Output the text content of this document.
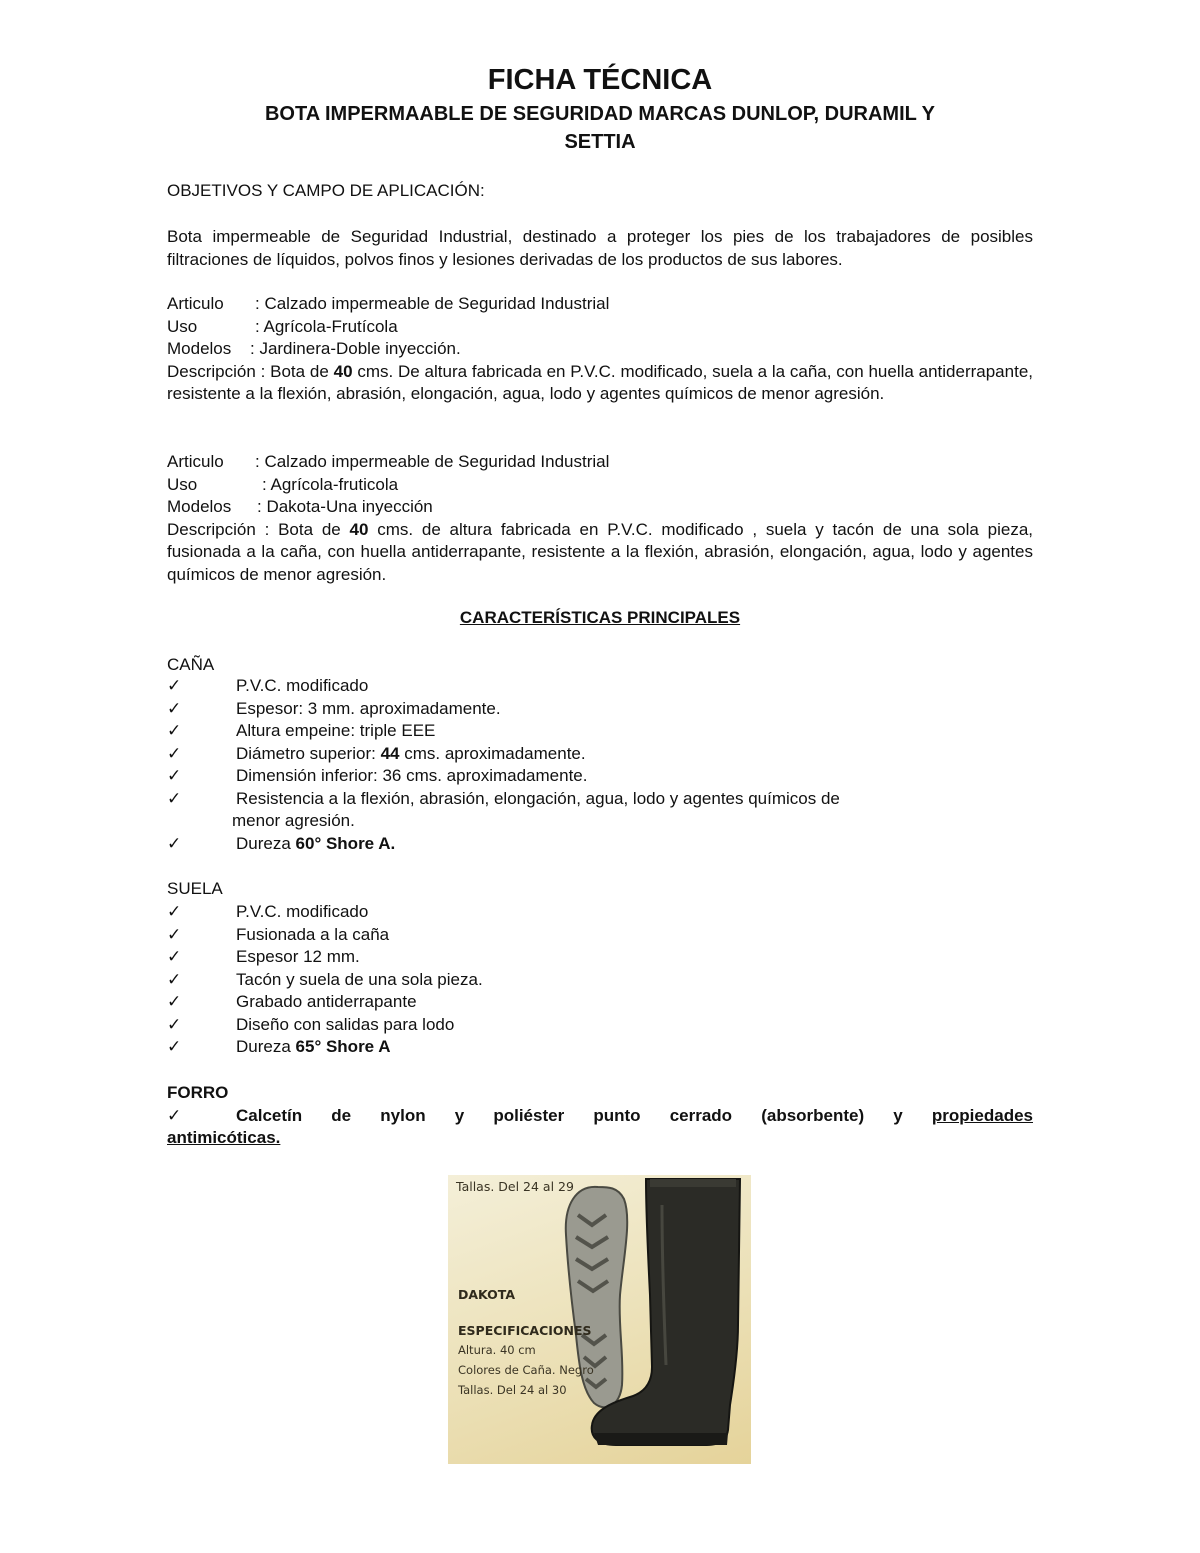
FICHA TÉCNICA
BOTA IMPERMAABLE DE SEGURIDAD MARCAS DUNLOP, DURAMIL Y
SETTIA
OBJETIVOS Y CAMPO DE APLICACIÓN:
Bota impermeable de Seguridad Industrial, destinado a proteger los pies de los trabajadores de posibles filtraciones de líquidos, polvos finos y lesiones derivadas de los productos de sus labores.
Articulo : Calzado impermeable de Seguridad Industrial
Uso	: Agrícola-Frutícola
Modelos : Jardinera-Doble inyección.
Descripción : Bota de 40 cms. De altura fabricada en P.V.C. modificado, suela a la caña, con huella antiderrapante, resistente a la flexión, abrasión, elongación, agua, lodo y agentes químicos de menor agresión.
Articulo : Calzado impermeable de Seguridad Industrial
Uso	: Agrícola-fruticola
Modelos : Dakota-Una inyección
Descripción : Bota de 40 cms. de altura fabricada en P.V.C. modificado , suela y tacón de una sola pieza, fusionada a la caña, con huella antiderrapante, resistente a la flexión, abrasión, elongación, agua, lodo y agentes químicos de menor agresión.
CARACTERÍSTICAS PRINCIPALES
CAÑA
✓	P.V.C. modificado
✓	Espesor: 3 mm. aproximadamente.
✓	Altura empeine: triple EEE
✓	Diámetro superior: 44 cms. aproximadamente.
✓	Dimensión inferior: 36 cms. aproximadamente.
✓	Resistencia a la flexión, abrasión, elongación, agua, lodo y agentes químicos de
menor agresión.
✓	Dureza 60° Shore A.
SUELA
✓	P.V.C. modificado
✓	Fusionada a la caña
✓	Espesor 12 mm.
✓	Tacón y suela de una sola pieza.
✓	Grabado antiderrapante
✓	Diseño con salidas para lodo
✓	Dureza 65° Shore A
FORRO
✓	Calcetín de nylon y poliéster punto cerrado (absorbente) y propiedades
antimicóticas.
Tallas. Del 24 al 29
DAKOTA
ESPECIFICACIONES
Altura. 40 cm
Colores de Caña. Negro
Tallas. Del 24 al 30
